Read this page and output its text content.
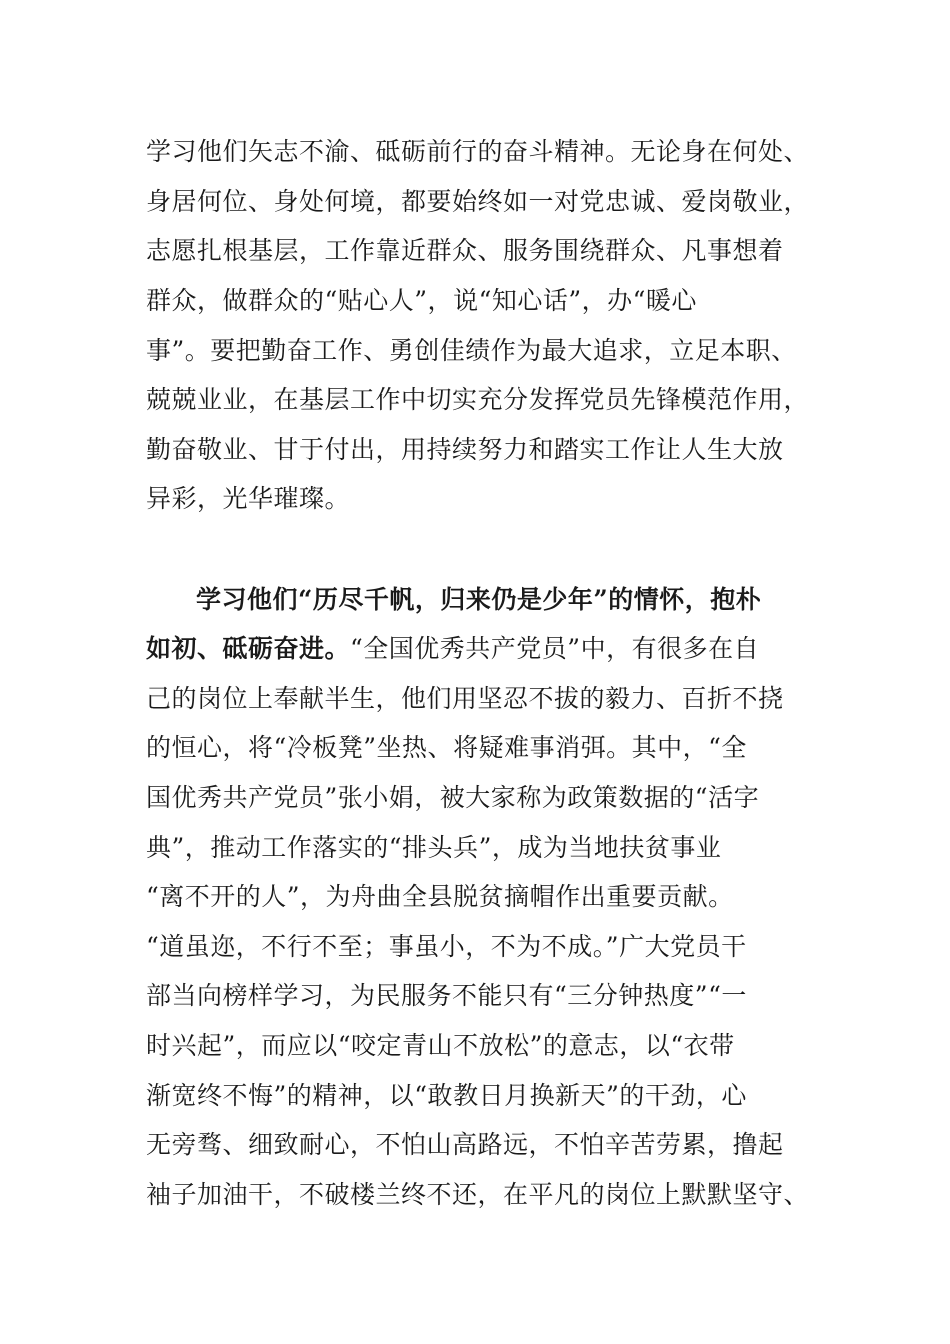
学习他们矢志不渝、砥砺前行的奋斗精神。无论身在何处、
身居何位、身处何境，都要始终如一对党忠诚、爱岗敬业，
志愿扎根基层，工作靠近群众、服务围绕群众、凡事想着
群众，做群众的“贴心人”，说“知心话”，办“暖心
事”。要把勤奋工作、勇创佳绩作为最大追求，立足本职、
兢兢业业，在基层工作中切实充分发挥党员先锋模范作用，
勤奋敬业、甘于付出，用持续努力和踏实工作让人生大放
异彩，光华璀璨。
学习他们“历尽千帆，归来仍是少年”的情怀，抱朴
如初、砥砺奋进。“全国优秀共产党员”中，有很多在自
己的岗位上奉献半生，他们用坚忍不拔的毅力、百折不挠
的恒心，将“冷板凳”坐热、将疑难事消弭。其中，“全
国优秀共产党员”张小娟，被大家称为政策数据的“活字
典”，推动工作落实的“排头兵”，成为当地扶贫事业
“离不开的人”，为舟曲全县脱贫摘帽作出重要贡献。
“道虽迩，不行不至；事虽小，不为不成。”广大党员干
部当向榜样学习，为民服务不能只有“三分钟热度”“一
时兴起”，而应以“咬定青山不放松”的意志，以“衣带
渐宽终不悔”的精神，以“敢教日月换新天”的干劲，心
无旁骛、细致耐心，不怕山高路远，不怕辛苦劳累，撸起
袖子加油干，不破楼兰终不还，在平凡的岗位上默默坚守、
